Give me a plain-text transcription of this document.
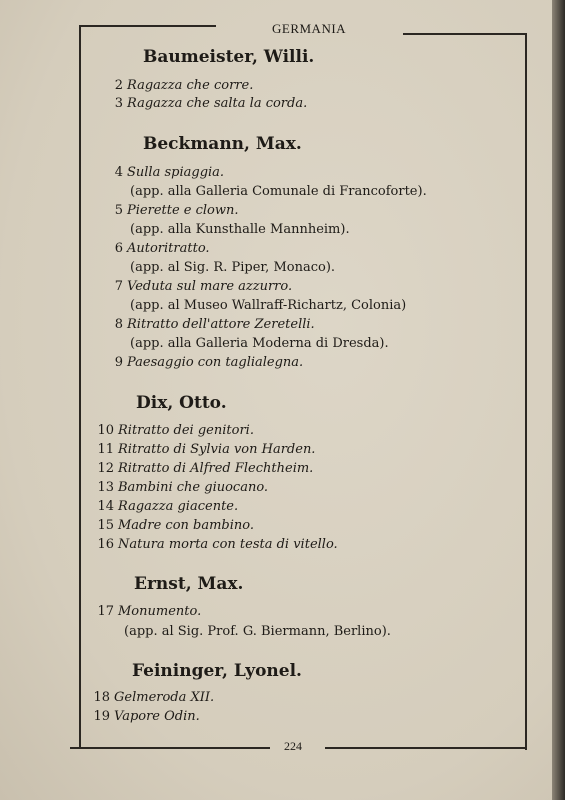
GERMANIA
Baumeister, Willi.
2 Ragazza che corre.
3 Ragazza che salta la corda.
Beckmann, Max.
4 Sulla spiaggia.
(app. alla Galleria Comunale di Francoforte).
5 Pierette e clown.
(app. alla Kunsthalle Mannheim).
6 Autoritratto.
(app. al Sig. R. Piper, Monaco).
7 Veduta sul mare azzurro.
(app. al Museo Wallraff-Richartz, Colonia)
8 Ritratto dell'attore Zeretelli.
(app. alla Galleria Moderna di Dresda).
9 Paesaggio con taglialegna.
Dix, Otto.
10 Ritratto dei genitori.
11 Ritratto di Sylvia von Harden.
12 Ritratto di Alfred Flechtheim.
13 Bambini che giuocano.
14 Ragazza giacente.
15 Madre con bambino.
16 Natura morta con testa di vitello.
Ernst, Max.
17 Monumento.
(app. al Sig. Prof. G. Biermann, Berlino).
Feininger, Lyonel.
18 Gelmeroda XII.
19 Vapore Odin.
224
